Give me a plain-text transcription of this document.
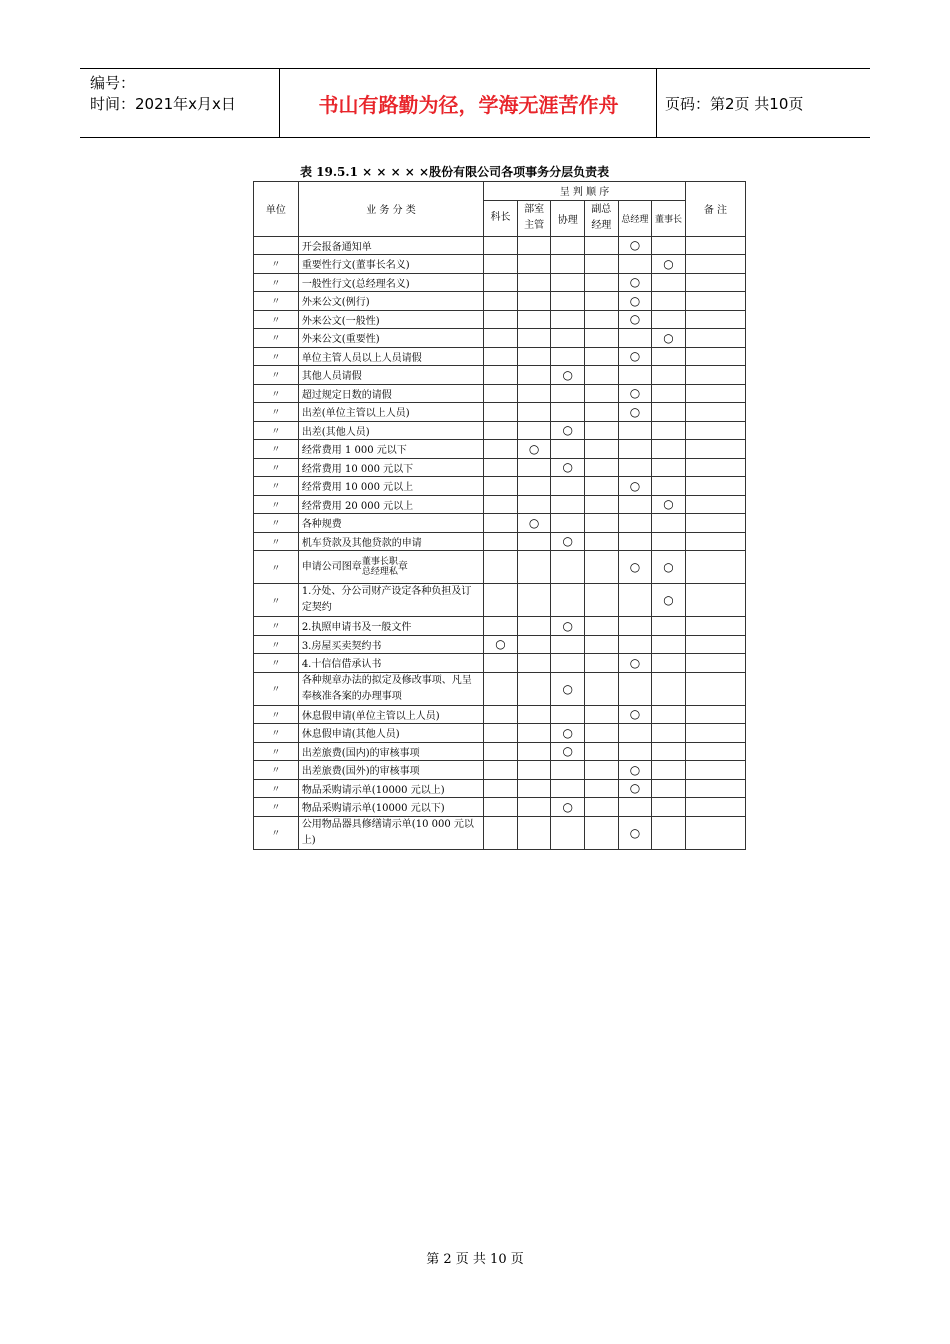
编号：
时间：2021年x月x日	书山有路勤为径，学海无涯苦作舟	页码：第2页 共10页
表 19.5.1 × × × × ×股份有限公司各项事务分层负责表
单位	业 务 分 类	呈 判 顺 序						备 注
		科长	部室主管	协理	副总经理	总经理	董事长	
	开会报备通知单					○		
〃	重要性行文(董事长名义)						○	
〃	一般性行文(总经理名义)					○		
〃	外来公文(例行)					○		
〃	外来公文(一般性)					○		
〃	外来公文(重要性)						○	
〃	单位主管人员以上人员请假					○		
〃	其他人员请假			○				
〃	超过规定日数的请假					○		
〃	出差(单位主管以上人员)					○		
〃	出差(其他人员)			○				
〃	经常费用 1 000 元以下		○					
〃	经常费用 10 000 元以下			○				
〃	经常费用 10 000 元以上					○		
〃	经常费用 20 000 元以上						○	
〃	各种规费		○					
〃	机车贷款及其他贷款的申请			○				
〃	申请公司图章 董事长职
总经理私 章					○	○	
〃	1.分处、分公司财产设定各种负担及订定契约						○	
〃	2.执照申请书及一般文件			○				
〃	3.房屋买卖契约书	○						
〃	4.十信信借承认书					○		
〃	各种规章办法的拟定及修改事项、凡呈奉核准各案的办理事项			○				
〃	休息假申请(单位主管以上人员)					○		
〃	休息假申请(其他人员)			○				
〃	出差旅费(国内)的审核事项			○				
〃	出差旅费(国外)的审核事项					○		
〃	物品采购请示单(10000 元以上)					○		
〃	物品采购请示单(10000 元以下)			○				
〃	公用物品器具修缮请示单(10 000 元以上)					○		
第 2 页 共 10 页
